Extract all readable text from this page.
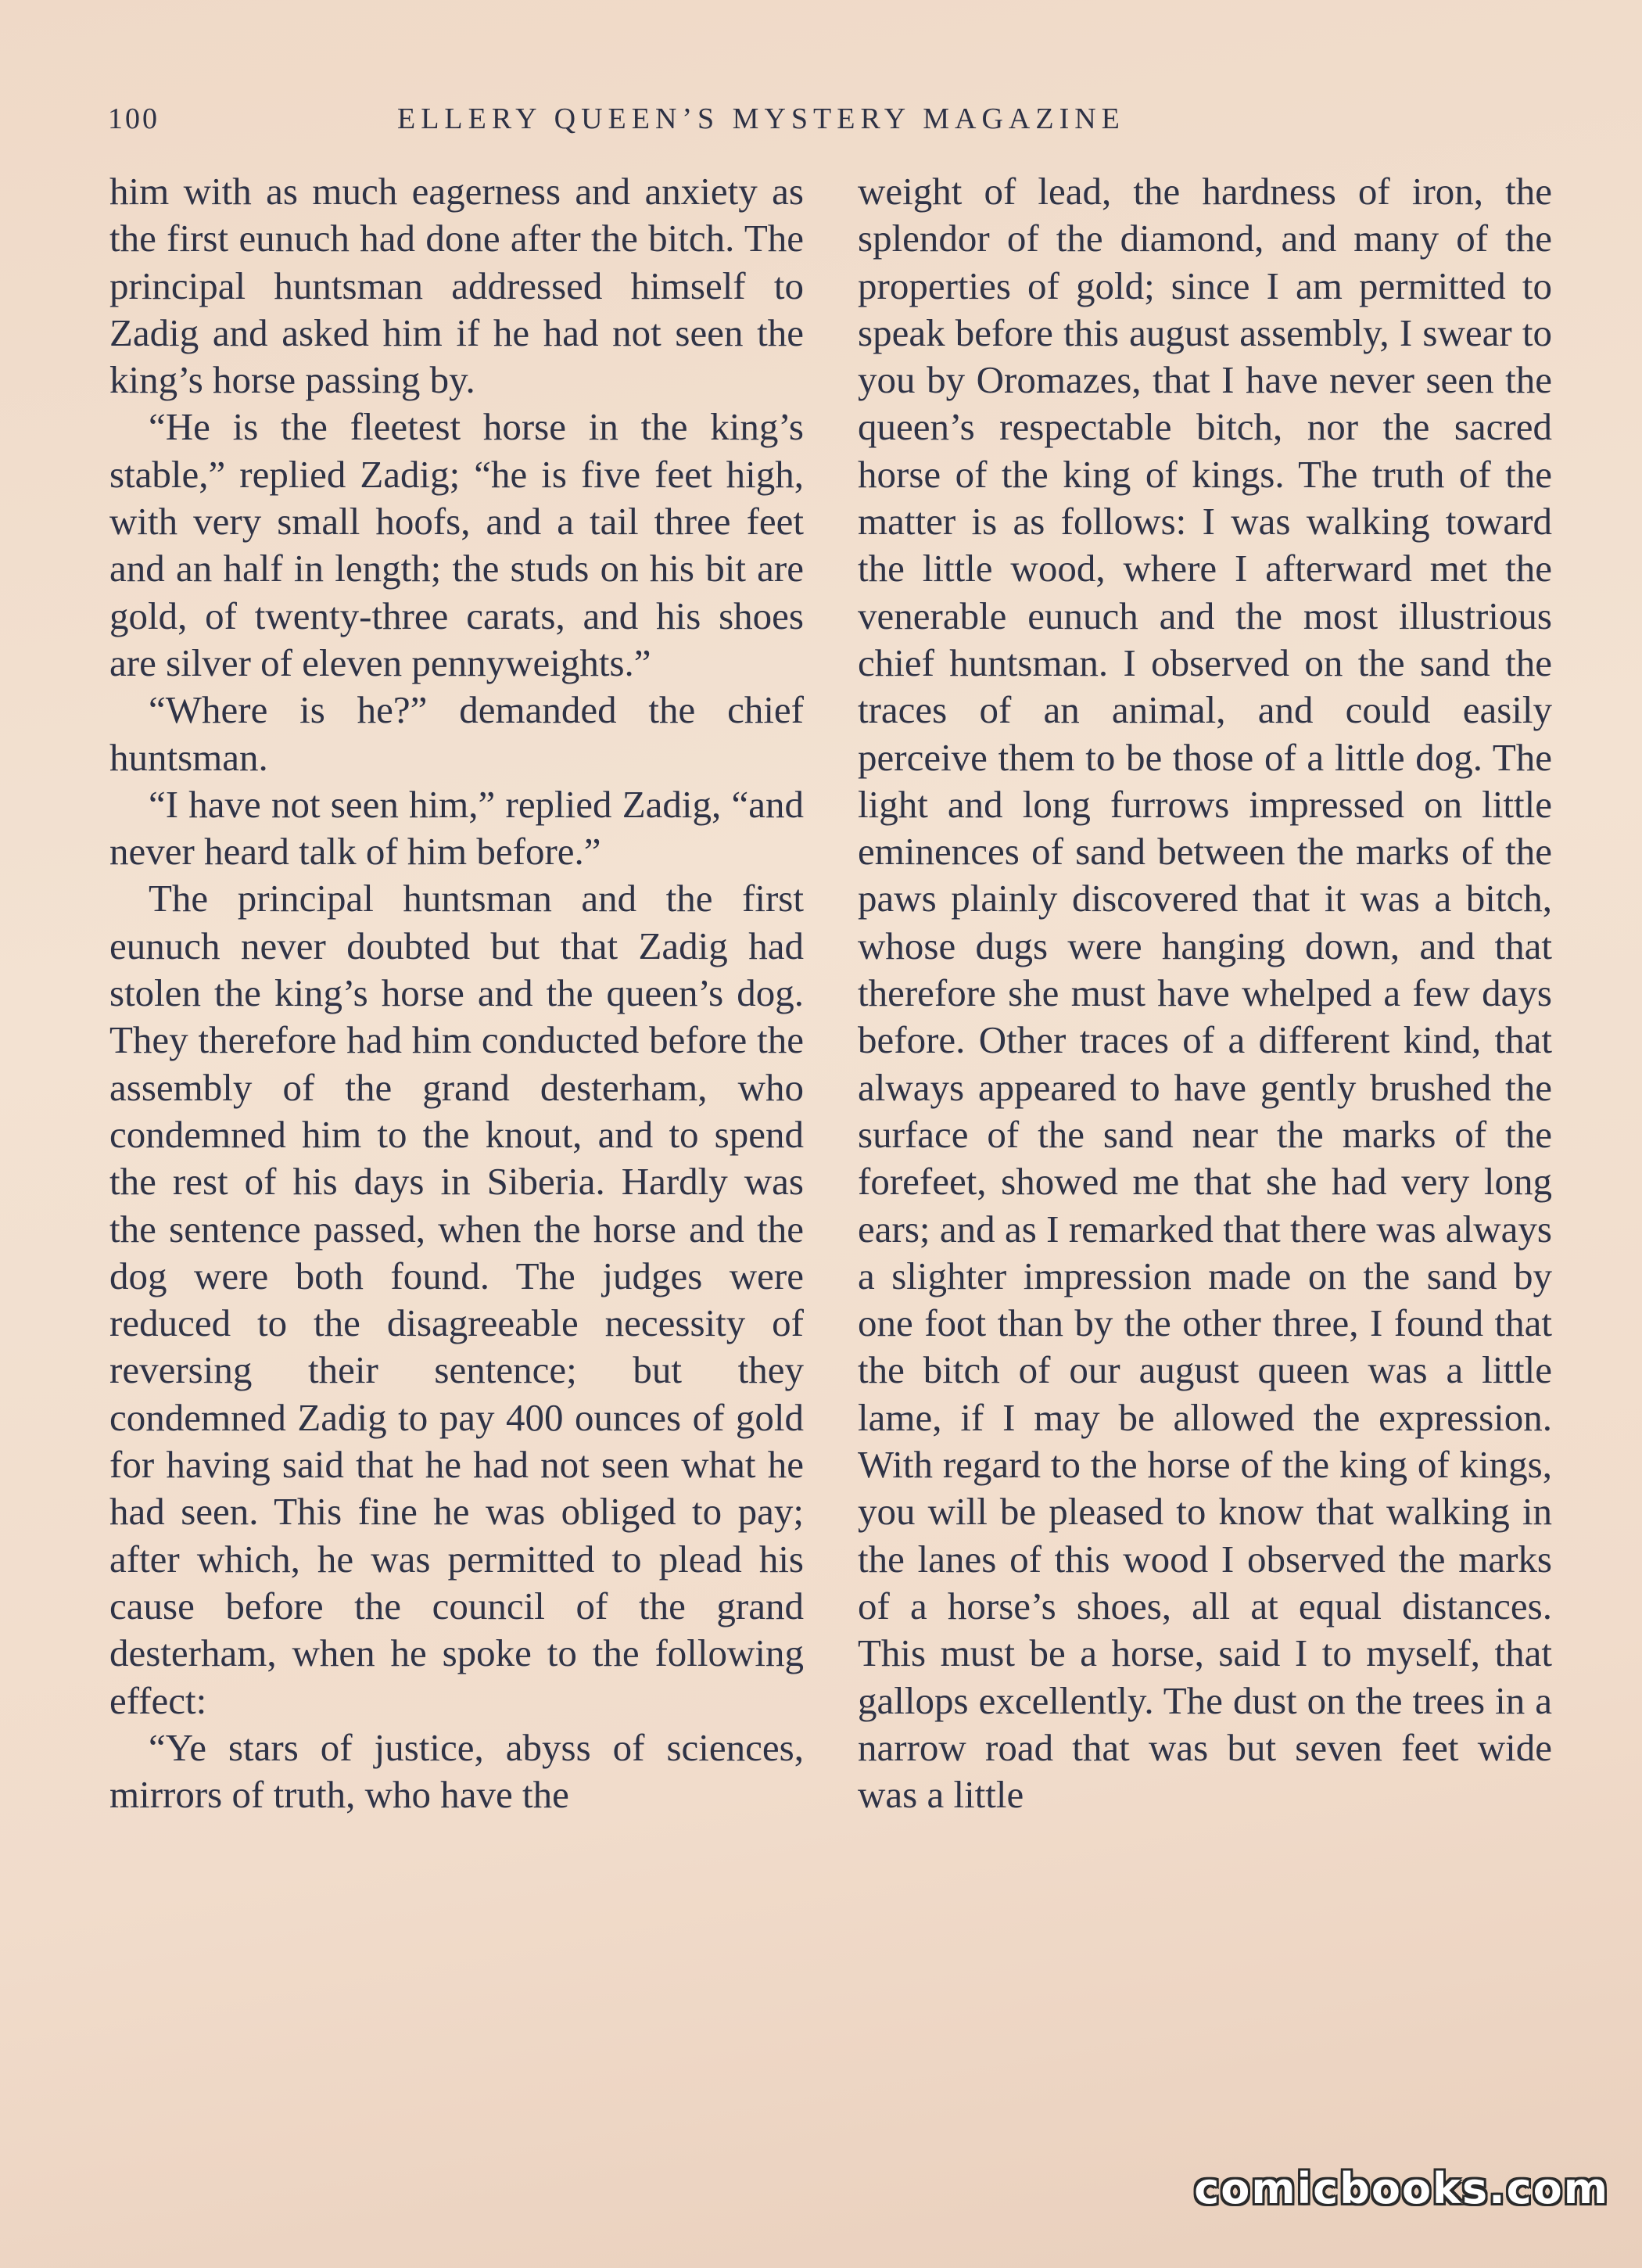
100	ELLERY QUEEN’S MYSTERY MAGAZINE

him with as much eagerness and anxiety as the first eunuch had done after the bitch. The principal huntsman addressed himself to Zadig and asked him if he had not seen the king’s horse passing by.

“He is the fleetest horse in the king’s stable,” replied Zadig; “he is five feet high, with very small hoofs, and a tail three feet and an half in length; the studs on his bit are gold, of twenty-three carats, and his shoes are silver of eleven pennyweights.”

“Where is he?” demanded the chief huntsman.

“I have not seen him,” replied Zadig, “and never heard talk of him before.”

The principal huntsman and the first eunuch never doubted but that Zadig had stolen the king’s horse and the queen’s dog. They therefore had him conducted before the assembly of the grand desterham, who condemned him to the knout, and to spend the rest of his days in Siberia. Hardly was the sentence passed, when the horse and the dog were both found. The judges were reduced to the disagreeable necessity of reversing their sentence; but they condemned Zadig to pay 400 ounces of gold for having said that he had not seen what he had seen. This fine he was obliged to pay; after which, he was permitted to plead his cause before the council of the grand desterham, when he spoke to the following effect:

“Ye stars of justice, abyss of sciences, mirrors of truth, who have the

weight of lead, the hardness of iron, the splendor of the diamond, and many of the properties of gold; since I am permitted to speak before this august assembly, I swear to you by Oromazes, that I have never seen the queen’s respectable bitch, nor the sacred horse of the king of kings. The truth of the matter is as follows: I was walking toward the little wood, where I afterward met the venerable eunuch and the most illustrious chief huntsman. I observed on the sand the traces of an animal, and could easily perceive them to be those of a little dog. The light and long furrows impressed on little eminences of sand between the marks of the paws plainly discovered that it was a bitch, whose dugs were hanging down, and that therefore she must have whelped a few days before. Other traces of a different kind, that always appeared to have gently brushed the surface of the sand near the marks of the forefeet, showed me that she had very long ears; and as I remarked that there was always a slighter impression made on the sand by one foot than by the other three, I found that the bitch of our august queen was a little lame, if I may be allowed the expression. With regard to the horse of the king of kings, you will be pleased to know that walking in the lanes of this wood I observed the marks of a horse’s shoes, all at equal distances. This must be a horse, said I to myself, that gallops excellently. The dust on the trees in a narrow road that was but seven feet wide was a little

comicbooks.com
